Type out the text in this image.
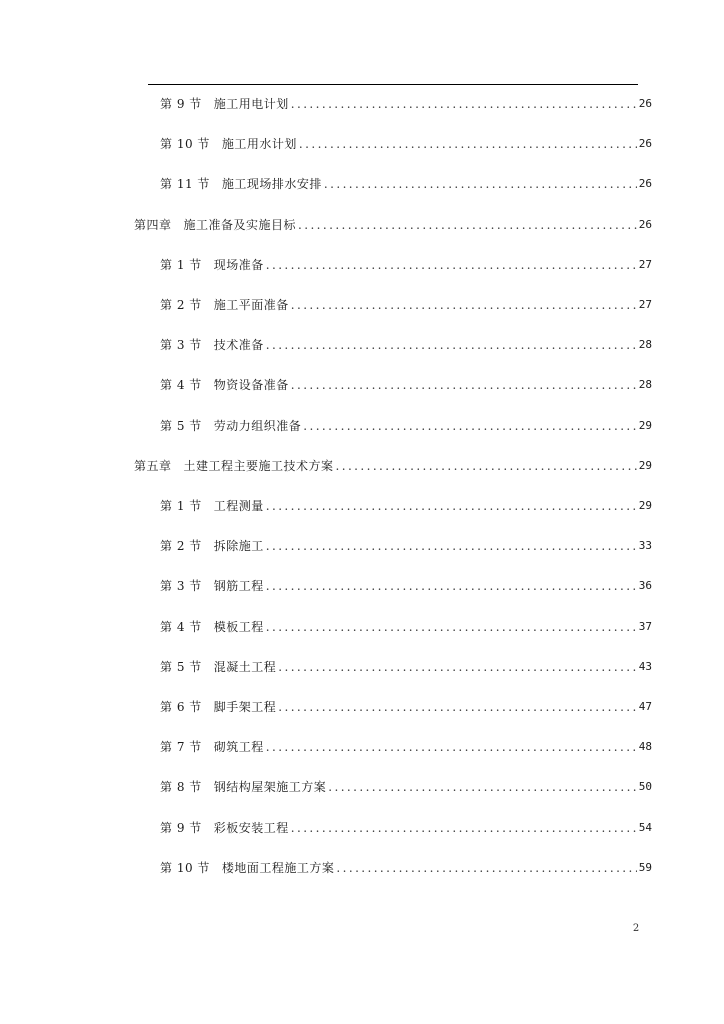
第 9 节 施工用电计划 .....	26
第 10 节 施工用水计划 .....	26
第 11 节 施工现场排水安排 .....	26
第四章 施工准备及实施目标 .....	26
第 1 节 现场准备 .....	27
第 2 节 施工平面准备 .....	27
第 3 节 技术准备 .....	28
第 4 节 物资设备准备 .....	28
第 5 节 劳动力组织准备 .....	29
第五章 土建工程主要施工技术方案 .....	29
第 1 节 工程测量 .....	29
第 2 节 拆除施工 .....	33
第 3 节 钢筋工程 .....	36
第 4 节 模板工程 .....	37
第 5 节 混凝土工程 .....	43
第 6 节 脚手架工程 .....	47
第 7 节 砌筑工程 .....	48
第 8 节 钢结构屋架施工方案 .....	50
第 9 节 彩板安装工程 .....	54
第 10 节 楼地面工程施工方案 .....	59
2
